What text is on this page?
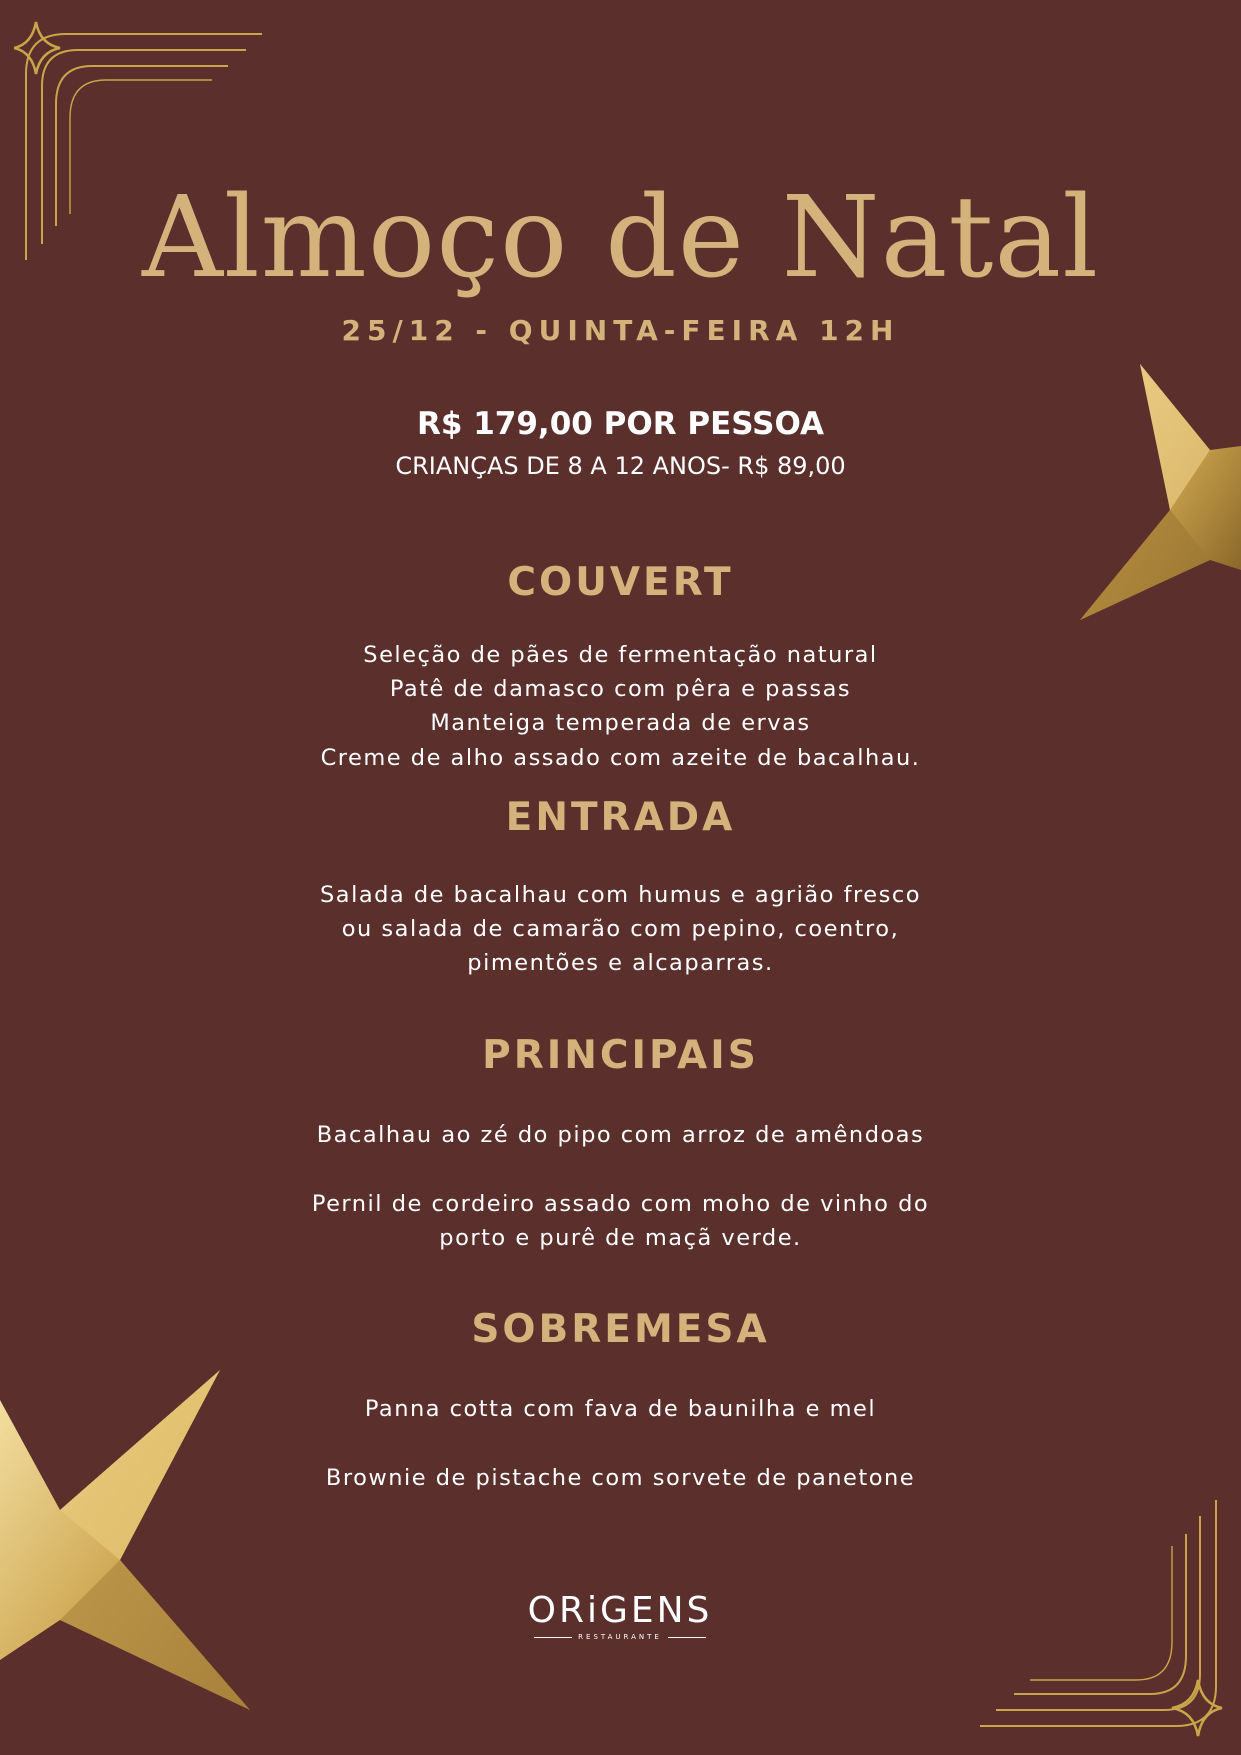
Almoço de Natal
25/12 - QUINTA-FEIRA 12H
R$ 179,00 POR PESSOA
CRIANÇAS DE 8 A 12 ANOS- R$ 89,00
COUVERT
Seleção de pães de fermentação natural
Patê de damasco com pêra e passas
Manteiga temperada de ervas
Creme de alho assado com azeite de bacalhau.
ENTRADA
Salada de bacalhau com humus e agrião fresco
ou salada de camarão com pepino, coentro,
pimentões e alcaparras.
PRINCIPAIS
Bacalhau ao zé do pipo com arroz de amêndoas
Pernil de cordeiro assado com moho de vinho do
porto e purê de maçã verde.
SOBREMESA
Panna cotta com fava de baunilha e mel
Brownie de pistache com sorvete de panetone
ORiGENS
RESTAURANTE
